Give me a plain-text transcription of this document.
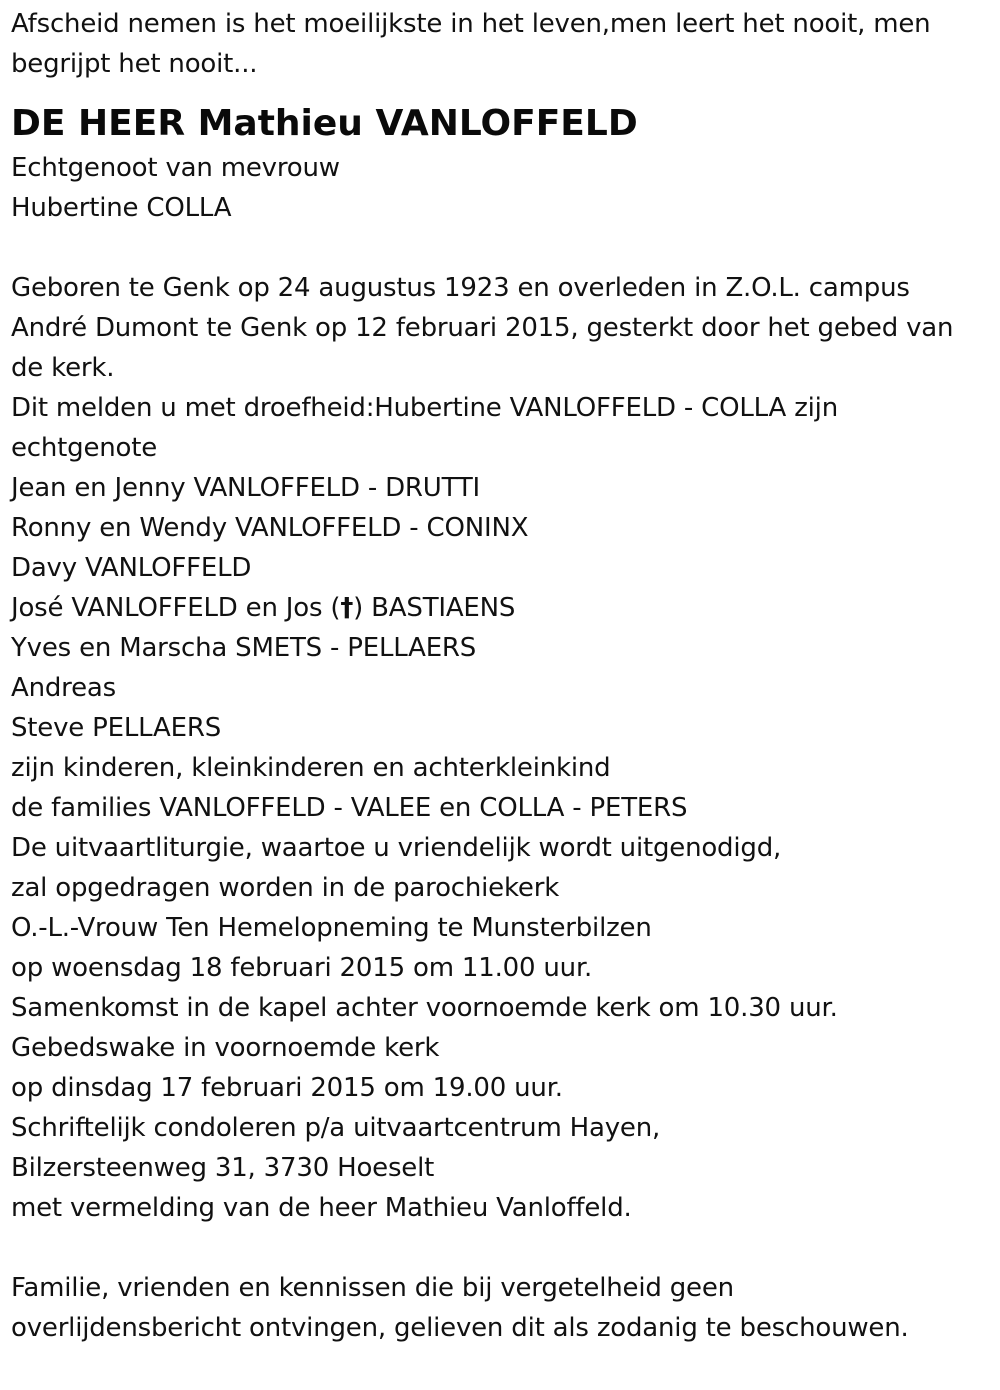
Afscheid nemen is het moeilijkste in het leven,men leert het nooit, men
begrijpt het nooit...
DE HEER Mathieu VANLOFFELD
Echtgenoot van mevrouw
Hubertine COLLA
Geboren te Genk op 24 augustus 1923 en overleden in Z.O.L. campus
André Dumont te Genk op 12 februari 2015, gesterkt door het gebed van
de kerk.
Dit melden u met droefheid:Hubertine VANLOFFELD - COLLA zijn
echtgenote
Jean en Jenny VANLOFFELD - DRUTTI
Ronny en Wendy VANLOFFELD - CONINX
Davy VANLOFFELD
José VANLOFFELD en Jos (†) BASTIAENS
Yves en Marscha SMETS - PELLAERS
Andreas
Steve PELLAERS
zijn kinderen, kleinkinderen en achterkleinkind
de families VANLOFFELD - VALEE en COLLA - PETERS
De uitvaartliturgie, waartoe u vriendelijk wordt uitgenodigd,
zal opgedragen worden in de parochiekerk
O.-L.-Vrouw Ten Hemelopneming te Munsterbilzen
op woensdag 18 februari 2015 om 11.00 uur.
Samenkomst in de kapel achter voornoemde kerk om 10.30 uur.
Gebedswake in voornoemde kerk
op dinsdag 17 februari 2015 om 19.00 uur.
Schriftelijk condoleren p/a uitvaartcentrum Hayen,
Bilzersteenweg 31, 3730 Hoeselt
met vermelding van de heer Mathieu Vanloffeld.
Familie, vrienden en kennissen die bij vergetelheid geen
overlijdensbericht ontvingen, gelieven dit als zodanig te beschouwen.
